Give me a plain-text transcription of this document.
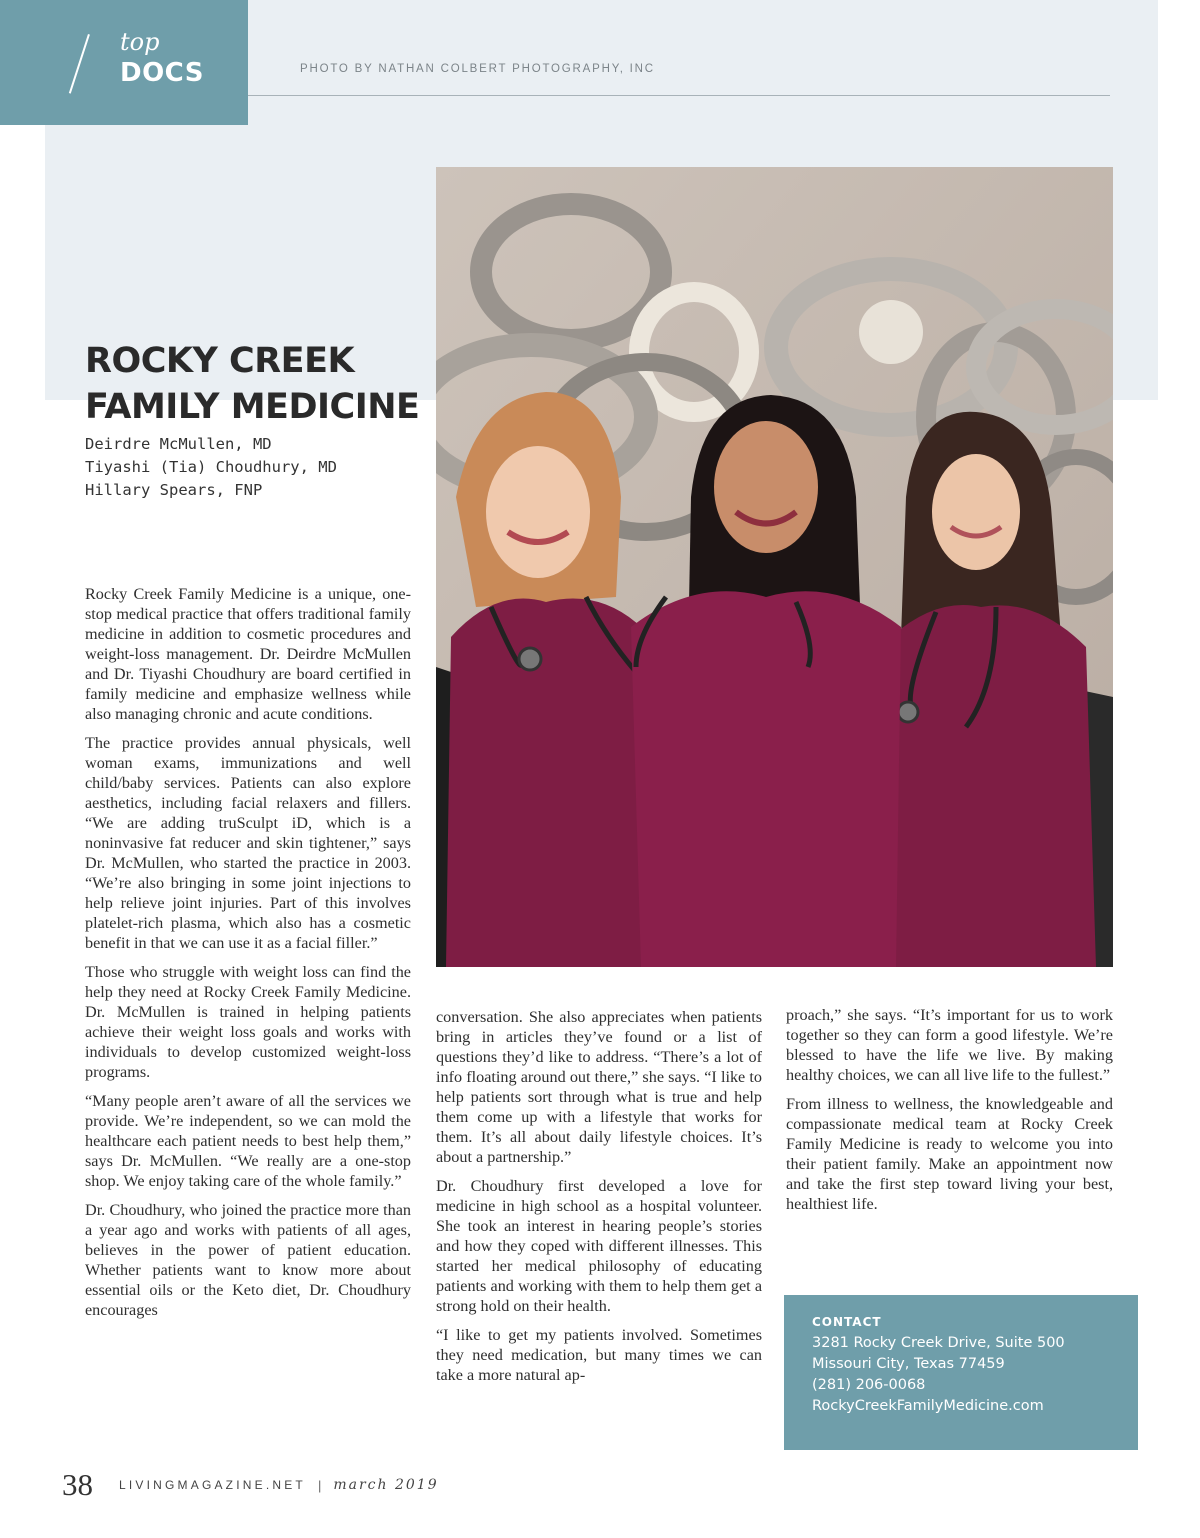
top
DOCS	PHOTO BY NATHAN COLBERT PHOTOGRAPHY, INC
ROCKY CREEK
FAMILY MEDICINE
Deirdre McMullen, MD
Tiyashi (Tia) Choudhury, MD
Hillary Spears, FNP

Rocky Creek Family Medicine is a unique, one-stop medical practice that offers traditional family medicine in addition to cosmetic procedures and weight-loss management. Dr. Deirdre McMullen and Dr. Tiyashi Choudhury are board certified in family medicine and emphasize wellness while also managing chronic and acute conditions.

The practice provides annual physicals, well woman exams, immunizations and well child/baby services. Patients can also explore aesthetics, including facial relaxers and fillers. “We are adding truSculpt iD, which is a noninvasive fat reducer and skin tightener,” says Dr. McMullen, who started the practice in 2003. “We’re also bringing in some joint injections to help relieve joint injuries. Part of this involves platelet-rich plasma, which also has a cosmetic benefit in that we can use it as a facial filler.”

Those who struggle with weight loss can find the help they need at Rocky Creek Family Medicine. Dr. McMullen is trained in helping patients achieve their weight loss goals and works with individuals to develop customized weight-loss programs.

“Many people aren’t aware of all the services we provide. We’re independent, so we can mold the healthcare each patient needs to best help them,” says Dr. McMullen. “We really are a one-stop shop. We enjoy taking care of the whole family.”

Dr. Choudhury, who joined the practice more than a year ago and works with patients of all ages, believes in the power of patient education. Whether patients want to know more about essential oils or the Keto diet, Dr. Choudhury encourages

conversation. She also appreciates when patients bring in articles they’ve found or a list of questions they’d like to address. “There’s a lot of info floating around out there,” she says. “I like to help patients sort through what is true and help them come up with a lifestyle that works for them. It’s all about daily lifestyle choices. It’s about a partnership.”

Dr. Choudhury first developed a love for medicine in high school as a hospital volunteer. She took an interest in hearing people’s stories and how they coped with different illnesses. This started her medical philosophy of educating patients and working with them to help them get a strong hold on their health.

“I like to get my patients involved. Sometimes they need medication, but many times we can take a more natural ap-

proach,” she says. “It’s important for us to work together so they can form a good lifestyle. We’re blessed to have the life we live. By making healthy choices, we can all live life to the fullest.”

From illness to wellness, the knowledgeable and compassionate medical team at Rocky Creek Family Medicine is ready to welcome you into their patient family. Make an appointment now and take the first step toward living your best, healthiest life.

CONTACT
3281 Rocky Creek Drive, Suite 500
Missouri City, Texas 77459
(281) 206-0068
RockyCreekFamilyMedicine.com
38 LIVINGMAGAZINE.NET | march 2019
